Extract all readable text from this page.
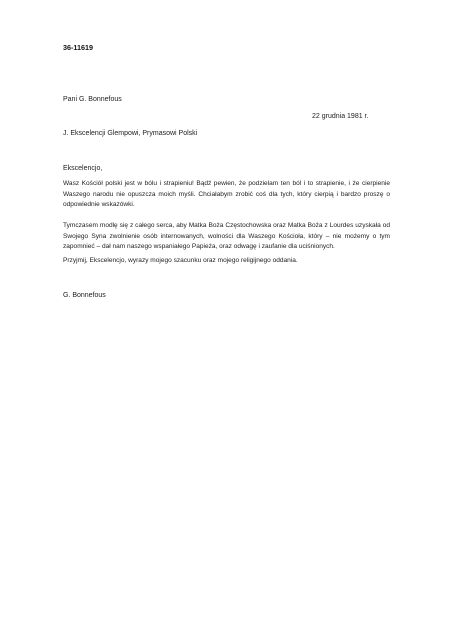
36-11619
Pani G. Bonnefous
22 grudnia 1981 r.
J. Ekscelencji Glempowi, Prymasowi Polski
Ekscelencjo,
Wasz Kościół polski jest w bólu i strapieniu! Bądź pewien, że podzielam ten ból i to strapienie, i że cierpienie Waszego narodu nie opuszcza moich myśli. Chciałabym zrobić coś dla tych, który cierpią i bardzo proszę o odpowiednie wskazówki.
Tymczasem modlę się z całego serca, aby Matka Boża Częstochowska oraz Matka Boża z Lourdes uzyskała od Swojego Syna zwolnienie osób internowanych, wolności dla Waszego Kościoła, który – nie możemy o tym zapomnieć – dał nam naszego wspaniałego Papieża, oraz odwagę i zaufanie dla uciśnionych.
Przyjmij, Ekscelencjo, wyrazy mojego szacunku oraz mojego religijnego oddania.
G. Bonnefous
